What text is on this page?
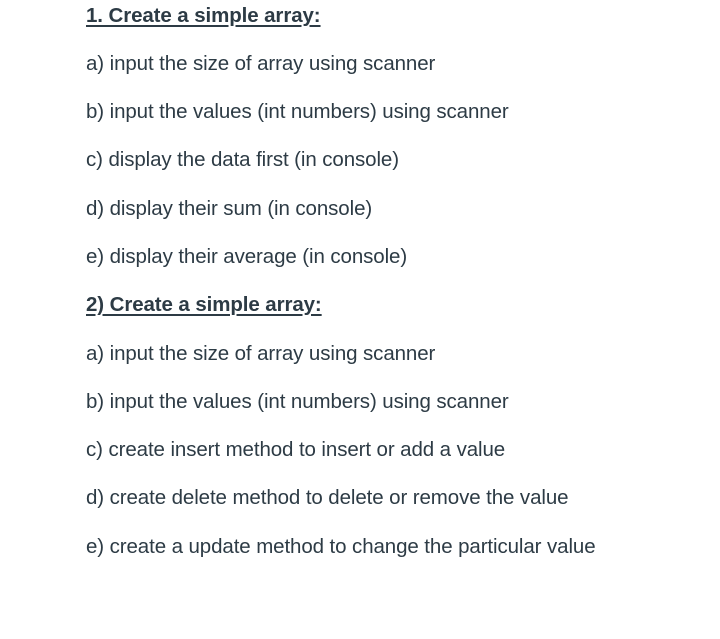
1. Create a simple array:
a) input the size of array using scanner
b) input the values (int numbers) using scanner
c) display the data first (in console)
d) display their sum (in console)
e) display their average (in console)
2) Create a simple array:
a) input the size of array using scanner
b) input the values (int numbers) using scanner
c) create insert method to insert or add a value
d) create delete method to delete or remove the value
e) create a update method to change the particular value
